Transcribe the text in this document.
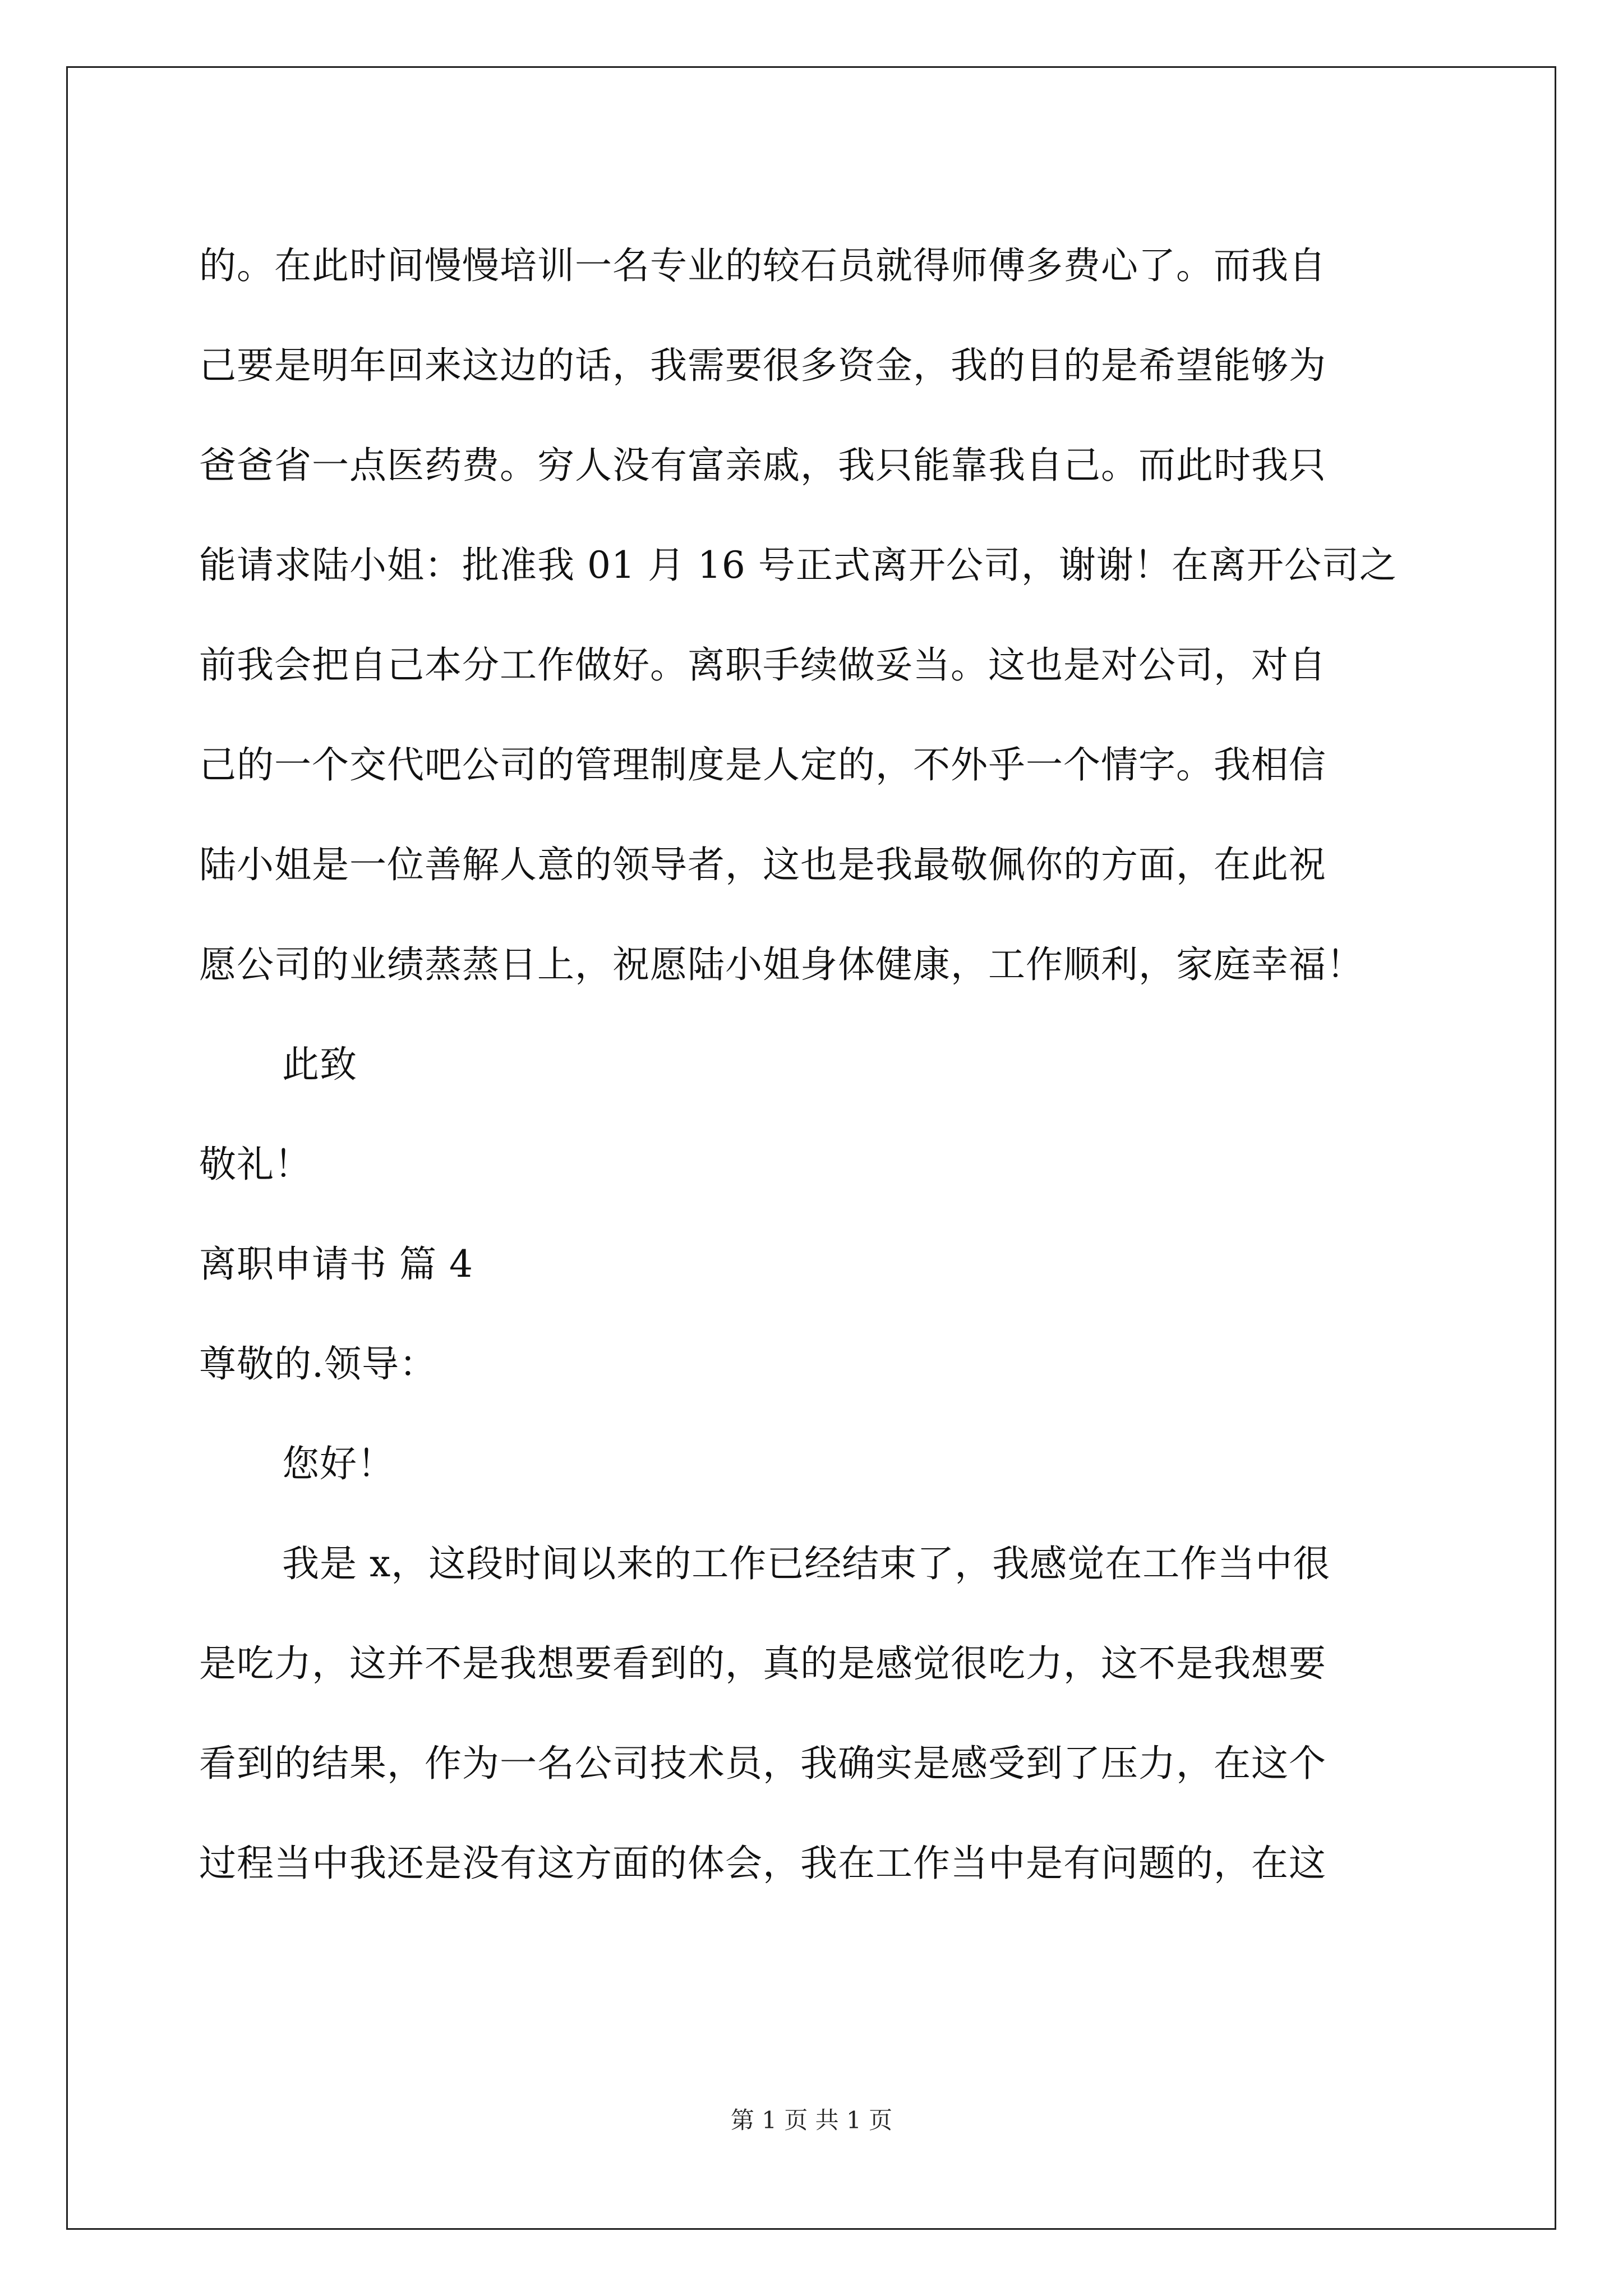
的。在此时间慢慢培训一名专业的较石员就得师傅多费心了。而我自
己要是明年回来这边的话，我需要很多资金，我的目的是希望能够为
爸爸省一点医药费。穷人没有富亲戚，我只能靠我自己。而此时我只
能请求陆小姐：批准我 01 月 16 号正式离开公司，谢谢！在离开公司之
前我会把自己本分工作做好。离职手续做妥当。这也是对公司，对自
己的一个交代吧公司的管理制度是人定的，不外乎一个情字。我相信
陆小姐是一位善解人意的领导者，这也是我最敬佩你的方面，在此祝
愿公司的业绩蒸蒸日上，祝愿陆小姐身体健康，工作顺利，家庭幸福！
此致
敬礼！
离职申请书 篇 4
尊敬的.领导：
您好！
我是 x，这段时间以来的工作已经结束了，我感觉在工作当中很
是吃力，这并不是我想要看到的，真的是感觉很吃力，这不是我想要
看到的结果，作为一名公司技术员，我确实是感受到了压力，在这个
过程当中我还是没有这方面的体会，我在工作当中是有问题的，在这
第 1 页 共 1 页
